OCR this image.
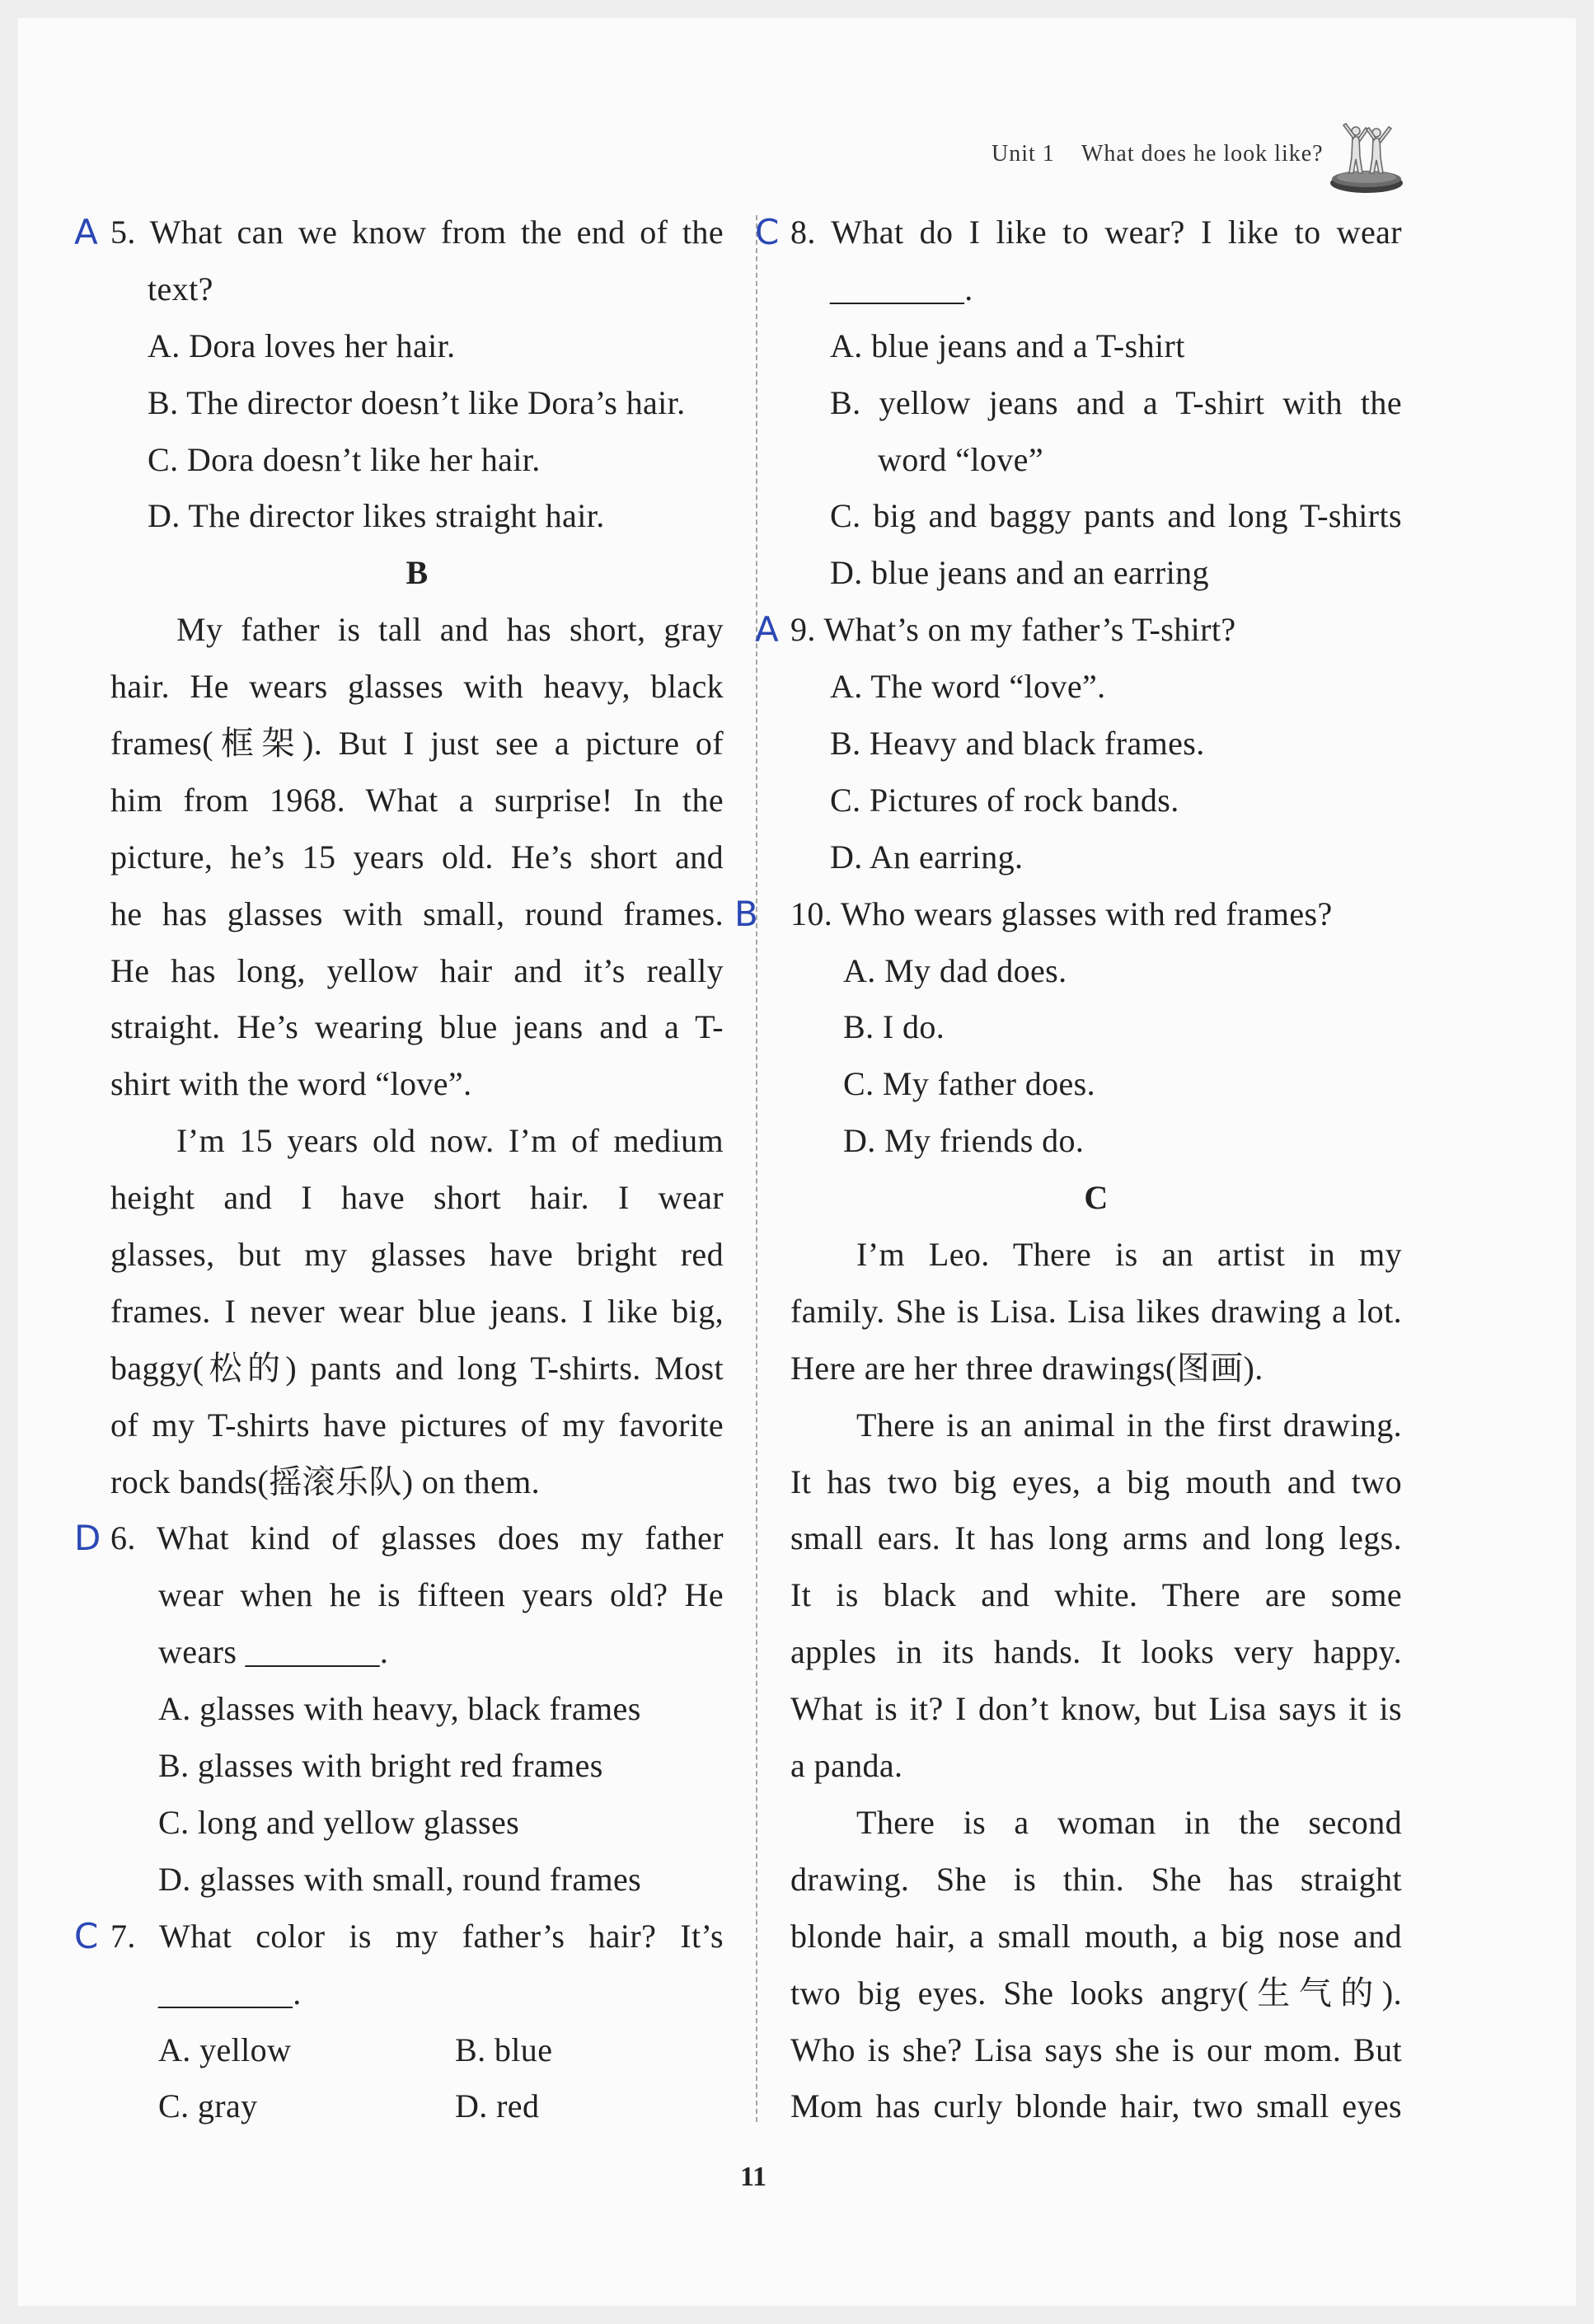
Unit 1 What does he look like?
A 5. What can we know from the end of the
text?
A. Dora loves her hair.
B. The director doesn’t like Dora’s hair.
C. Dora doesn’t like her hair.
D. The director likes straight hair.
B
My father is tall and has short, gray
hair. He wears glasses with heavy, black
frames(框架). But I just see a picture of
him from 1968. What a surprise! In the
picture, he’s 15 years old. He’s short and
he has glasses with small, round frames.
He has long, yellow hair and it’s really
straight. He’s wearing blue jeans and a T-
shirt with the word “love”.
I’m 15 years old now. I’m of medium
height and I have short hair. I wear
glasses, but my glasses have bright red
frames. I never wear blue jeans. I like big,
baggy(松的) pants and long T-shirts. Most
of my T-shirts have pictures of my favorite
rock bands(摇滚乐队) on them.
D 6. What kind of glasses does my father
wear when he is fifteen years old? He
wears ________.
A. glasses with heavy, black frames
B. glasses with bright red frames
C. long and yellow glasses
D. glasses with small, round frames
C 7. What color is my father’s hair? It’s
________.
A. yellow	B. blue
C. gray	D. red
C 8. What do I like to wear? I like to wear
________.
A. blue jeans and a T-shirt
B. yellow jeans and a T-shirt with the
word “love”
C. big and baggy pants and long T-shirts
D. blue jeans and an earring
A 9. What’s on my father’s T-shirt?
A. The word “love”.
B. Heavy and black frames.
C. Pictures of rock bands.
D. An earring.
B 10. Who wears glasses with red frames?
A. My dad does.
B. I do.
C. My father does.
D. My friends do.
C
I’m Leo. There is an artist in my
family. She is Lisa. Lisa likes drawing a lot.
Here are her three drawings(图画).
There is an animal in the first drawing.
It has two big eyes, a big mouth and two
small ears. It has long arms and long legs.
It is black and white. There are some
apples in its hands. It looks very happy.
What is it? I don’t know, but Lisa says it is
a panda.
There is a woman in the second
drawing. She is thin. She has straight
blonde hair, a small mouth, a big nose and
two big eyes. She looks angry(生气的).
Who is she? Lisa says she is our mom. But
Mom has curly blonde hair, two small eyes
11
